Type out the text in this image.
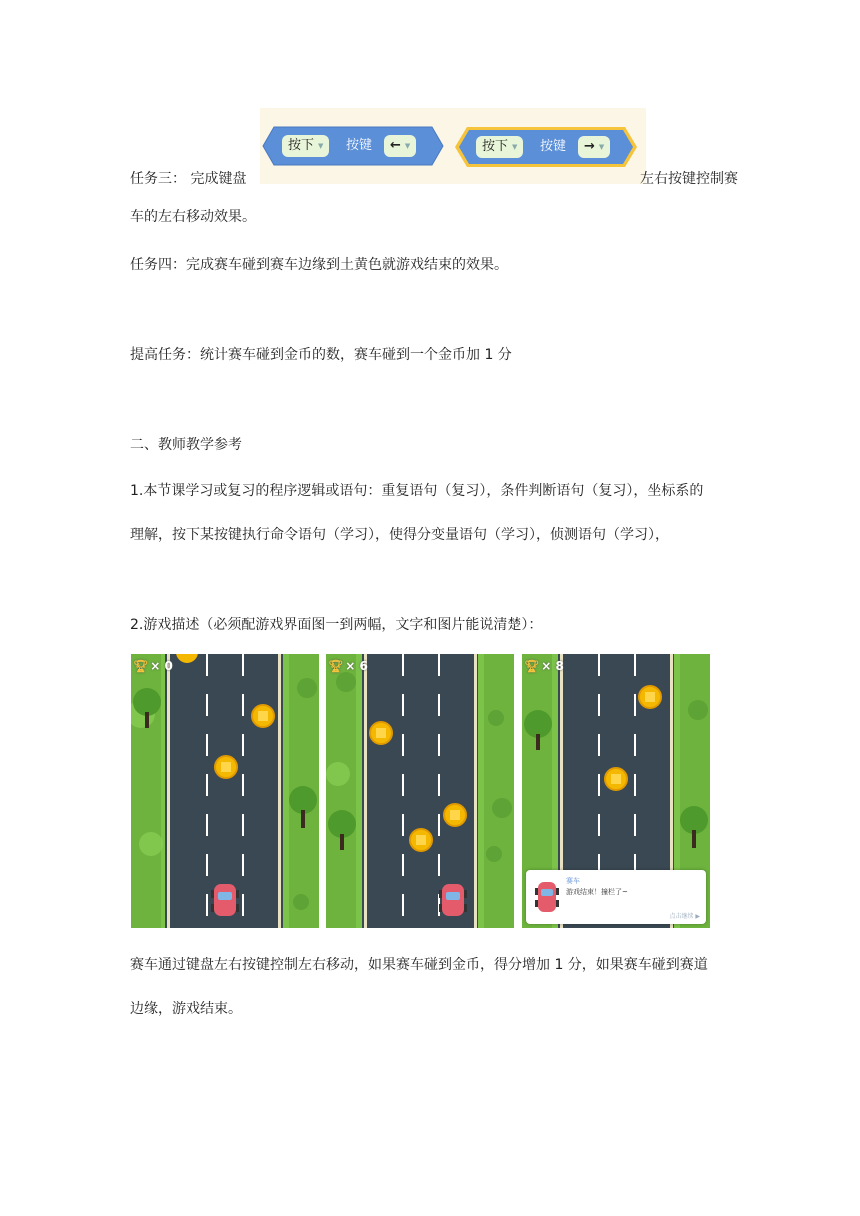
按下 ▼ 按键 ← ▼	按下 ▼ 按键 → ▼
任务三： 完成键盘	左右按键控制赛
车的左右移动效果。
任务四：完成赛车碰到赛车边缘到土黄色就游戏结束的效果。
提高任务：统计赛车碰到金币的数，赛车碰到一个金币加 1 分
二、教师教学参考
1.本节课学习或复习的程序逻辑或语句：重复语句（复习），条件判断语句（复习），坐标系的
理解，按下某按键执行命令语句（学习），使得分变量语句（学习），侦测语句（学习），
2.游戏描述（必须配游戏界面图一到两幅，文字和图片能说清楚）：
🏆︎ × 0	🏆︎ × 6	🏆︎ × 8
赛车
游戏结束！撞栏了~
点击继续 ▶
赛车通过键盘左右按键控制左右移动，如果赛车碰到金币，得分增加 1 分，如果赛车碰到赛道
边缘，游戏结束。
